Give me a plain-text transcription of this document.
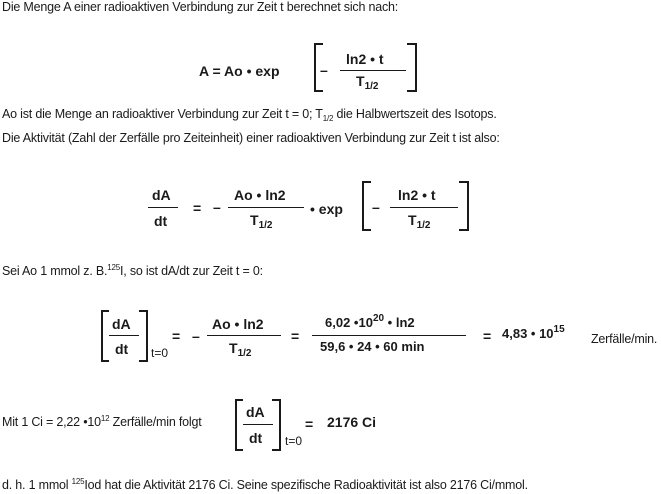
Die Menge A einer radioaktiven Verbindung zur Zeit t berechnet sich nach:
A = Ao • exp	–
ln2 • t
$T_{1/2}$
Ao ist die Menge an radioaktiver Verbindung zur Zeit t = 0; $T_{1/2}$ die Halbwertszeit des Isotops.
Die Aktivität (Zahl der Zerfälle pro Zeiteinheit) einer radioaktiven Verbindung zur Zeit t ist also:
dA
dt
= –
Ao • ln2
$T_{1/2}$
• exp –
ln2 • t
$T_{1/2}$
Sei Ao 1 mmol z. B.$^{125}$I, so ist dA/dt zur Zeit t = 0:
dA
dt t=0
= –
Ao • ln2
$T_{1/2}$
=
6,02 $•10^{20}$ • ln2
59,6 • 24 • 60 min
= 4,83 • $10^{15}$
Zerfälle/min.
Mit 1 Ci = 2,22 $•10^{12}$ Zerfälle/min folgt
dA
dt t=0
= 2176 Ci
d. h. 1 mmol $^{125}$Iod hat die Aktivität 2176 Ci. Seine spezifische Radioaktivität ist also 2176 Ci/mmol.
